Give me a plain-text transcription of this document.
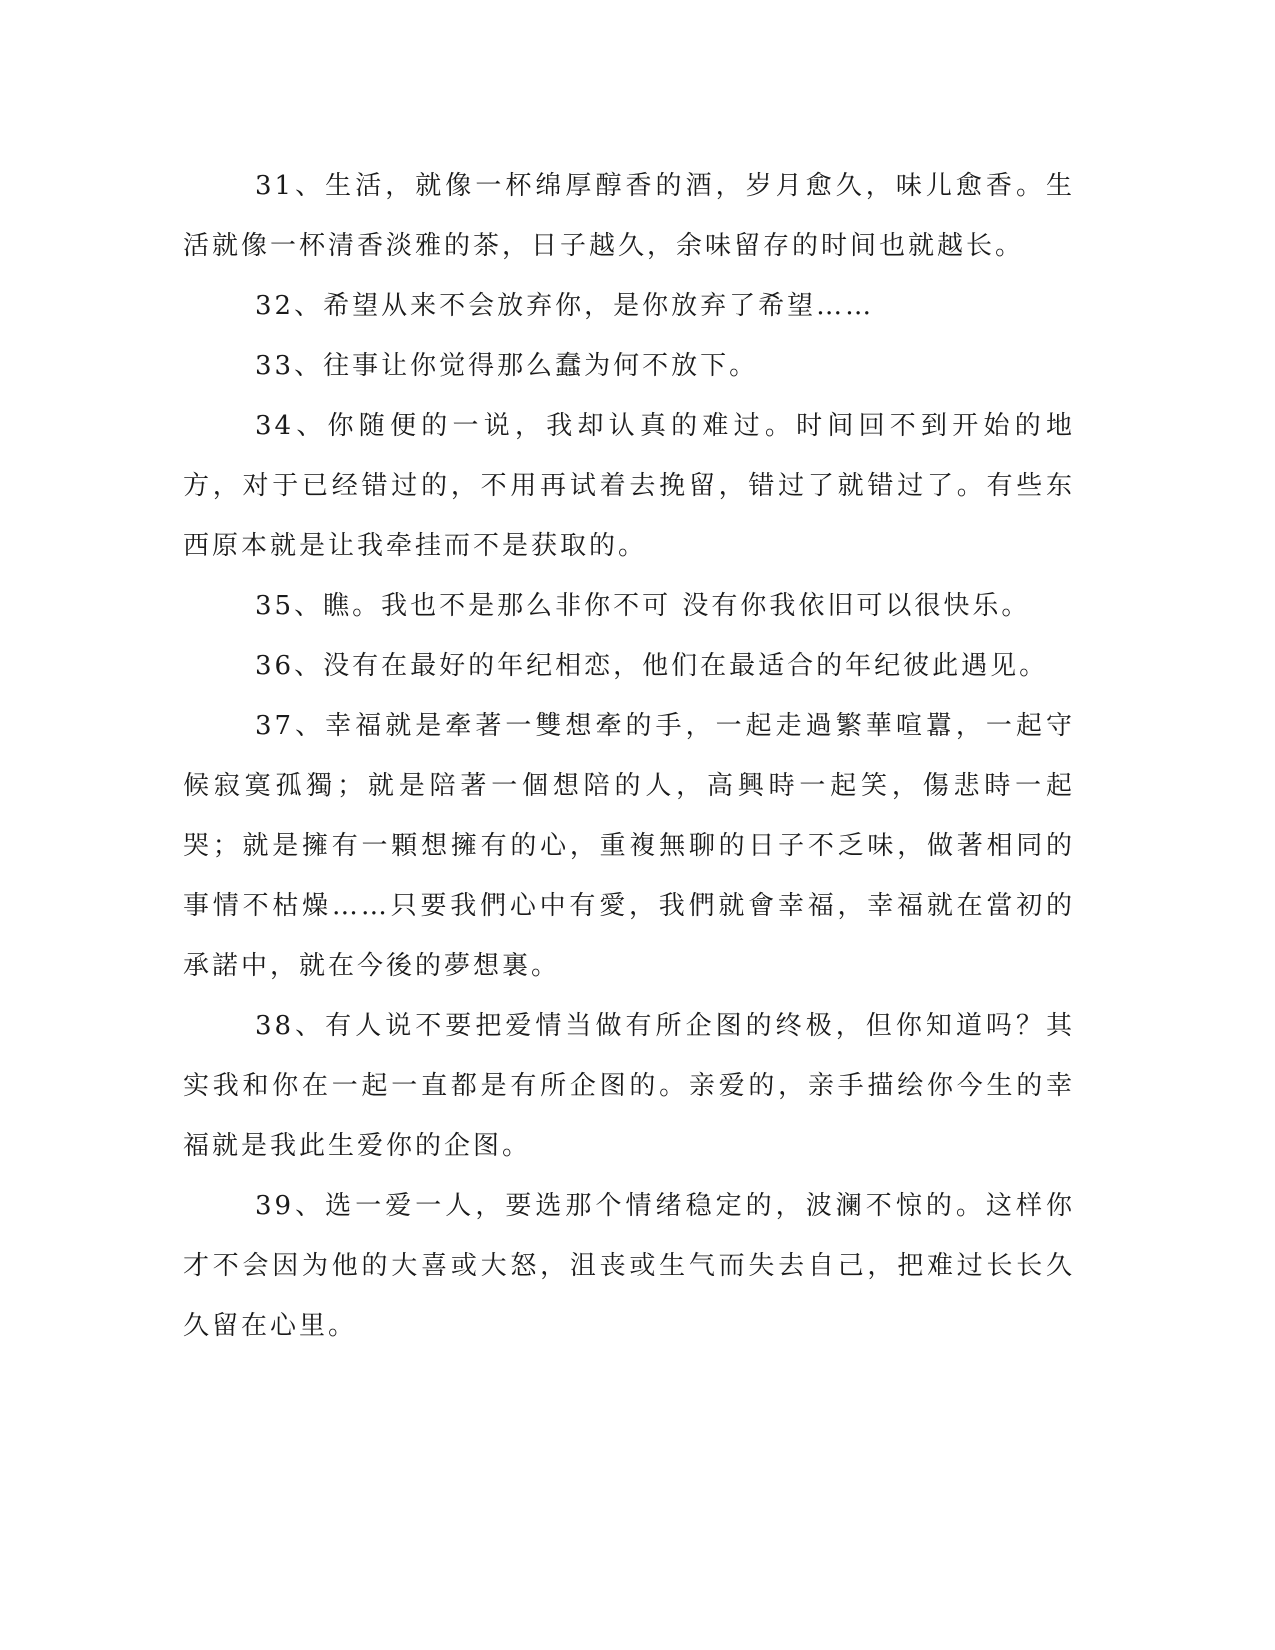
31、生活，就像一杯绵厚醇香的酒，岁月愈久，味儿愈香。生活就像一杯清香淡雅的茶，日子越久，余味留存的时间也就越长。

32、希望从来不会放弃你，是你放弃了希望……

33、往事让你觉得那么蠢为何不放下。

34、你随便的一说，我却认真的难过。时间回不到开始的地方，对于已经错过的，不用再试着去挽留，错过了就错过了。有些东西原本就是让我牵挂而不是获取的。

35、瞧。我也不是那么非你不可 没有你我依旧可以很快乐。

36、没有在最好的年纪相恋，他们在最适合的年纪彼此遇见。

37、幸福就是牽著一雙想牽的手，一起走過繁華喧囂，一起守候寂寞孤獨；就是陪著一個想陪的人，高興時一起笑，傷悲時一起哭；就是擁有一顆想擁有的心，重複無聊的日子不乏味，做著相同的事情不枯燥……只要我們心中有愛，我們就會幸福，幸福就在當初的承諾中，就在今後的夢想裏。

38、有人说不要把爱情当做有所企图的终极，但你知道吗？其实我和你在一起一直都是有所企图的。亲爱的，亲手描绘你今生的幸福就是我此生爱你的企图。

39、选一爱一人，要选那个情绪稳定的，波澜不惊的。这样你才不会因为他的大喜或大怒，沮丧或生气而失去自己，把难过长长久久留在心里。
